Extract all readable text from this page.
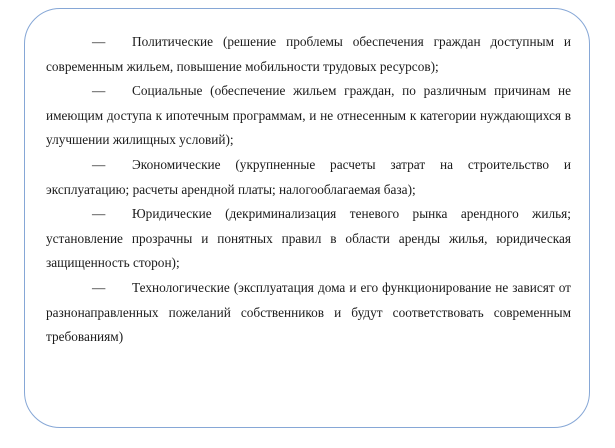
— Политические (решение проблемы обеспечения граждан доступным и современным жильем, повышение мобильности трудовых ресурсов);

— Социальные (обеспечение жильем граждан, по различным причинам не имеющим доступа к ипотечным программам, и не отнесенным к категории нуждающихся в улучшении жилищных условий);

— Экономические (укрупненные расчеты затрат на строительство и эксплуатацию; расчеты арендной платы; налогооблагаемая база);

— Юридические (декриминализация теневого рынка арендного жилья; установление прозрачны и понятных правил в области аренды жилья, юридическая защищенность сторон);

— Технологические (эксплуатация дома и его функционирование не зависят от разнонаправленных пожеланий собственников и будут соответствовать современным требованиям)
